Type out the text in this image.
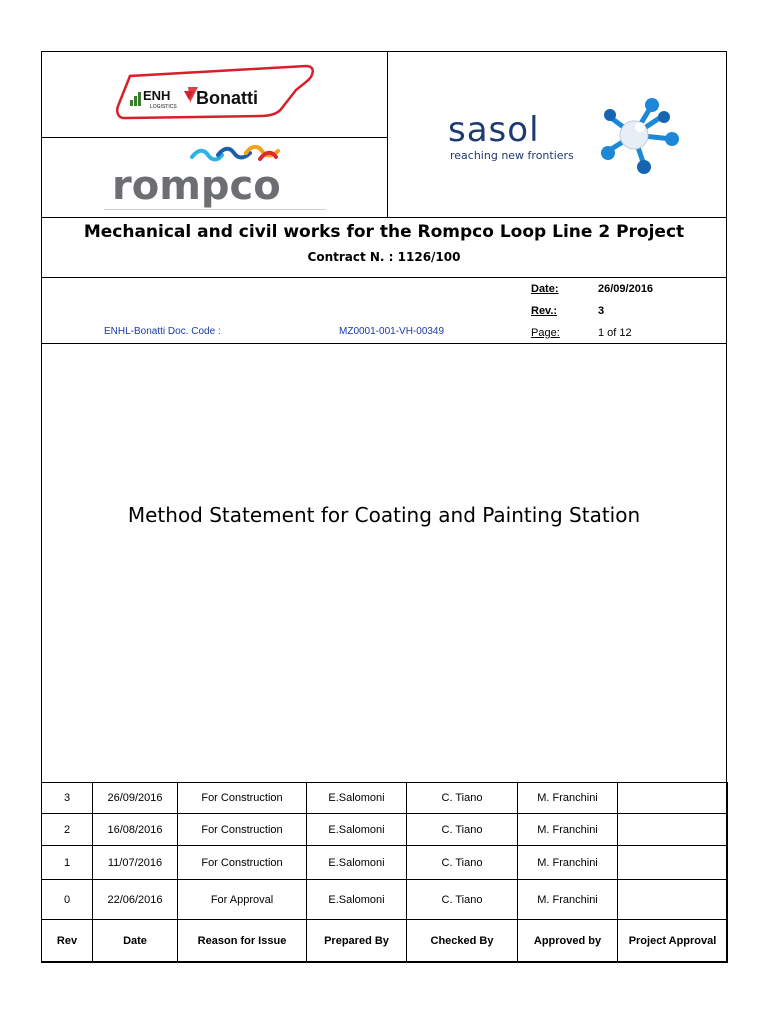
ENH
LOGISTICS Bonatti
rompco
sasol
reaching new frontiers
Mechanical and civil works for the Rompco Loop Line 2 Project
Contract N. : 1126/100
Date:	26/09/2016
Rev.:	3
Page:	1 of 12
ENHL-Bonatti Doc. Code :	MZ0001-001-VH-00349
Method Statement for Coating and Painting Station
3	26/09/2016	For Construction	E.Salomoni	C. Tiano	M. Franchini	
2	16/08/2016	For Construction	E.Salomoni	C. Tiano	M. Franchini	
1	11/07/2016	For Construction	E.Salomoni	C. Tiano	M. Franchini	
0	22/06/2016	For Approval	E.Salomoni	C. Tiano	M. Franchini	
Rev	Date	Reason for Issue	Prepared By	Checked By	Approved by	Project Approval
